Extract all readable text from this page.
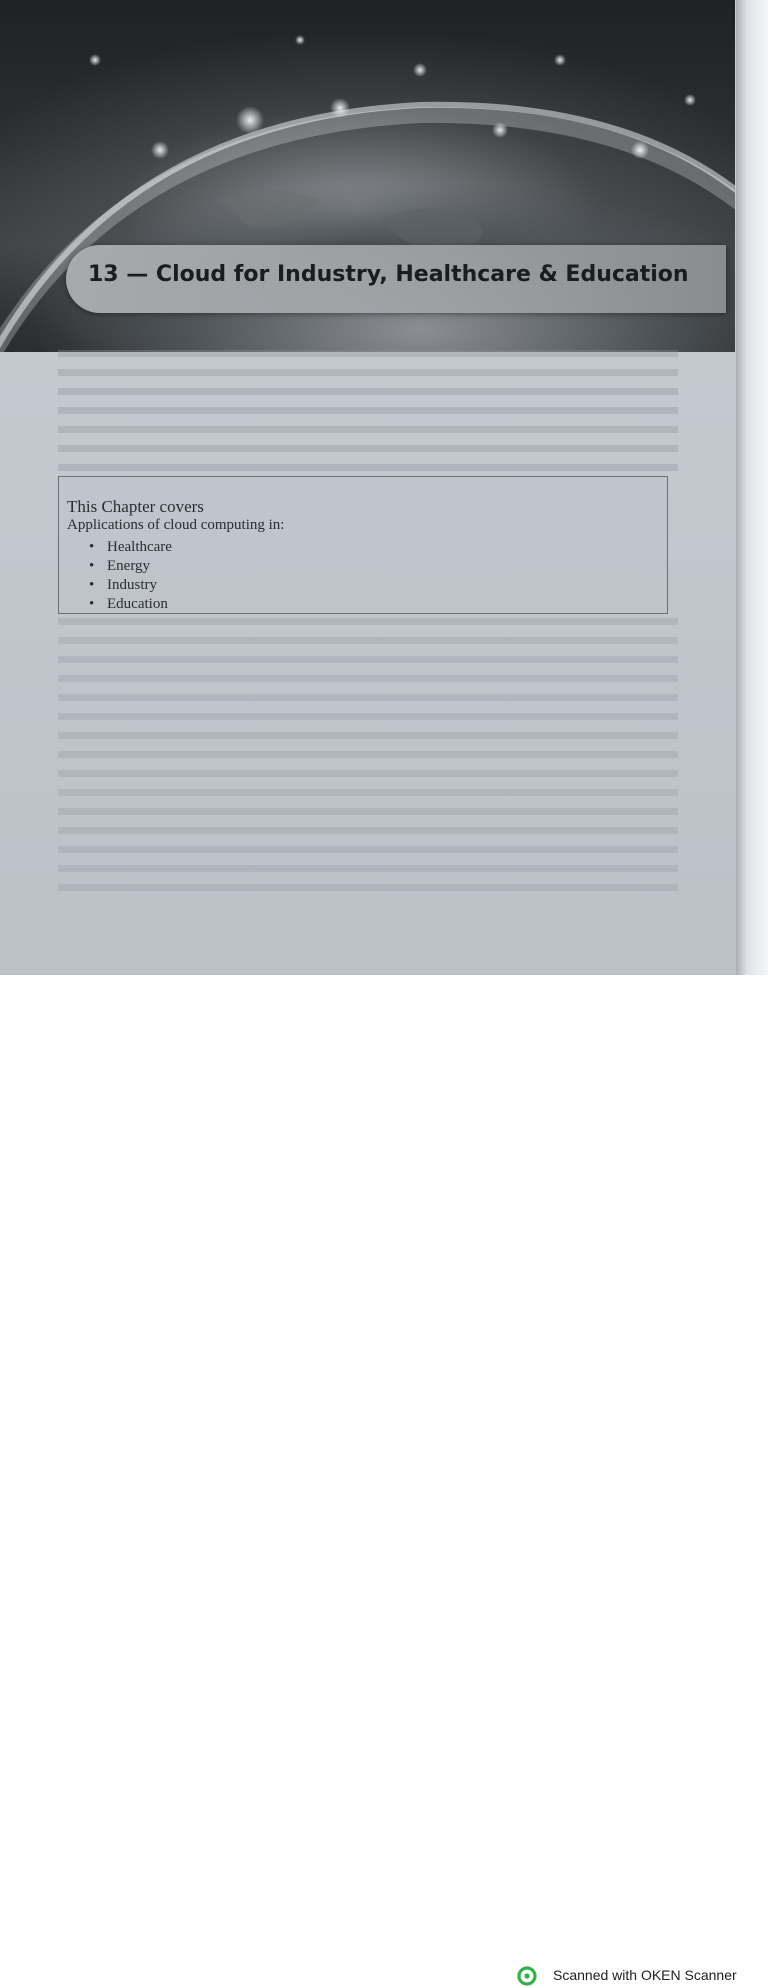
13 — Cloud for Industry, Healthcare & Education
This Chapter covers
Applications of cloud computing in:
• Healthcare
• Energy
• Industry
• Education
Scanned with OKEN Scanner
